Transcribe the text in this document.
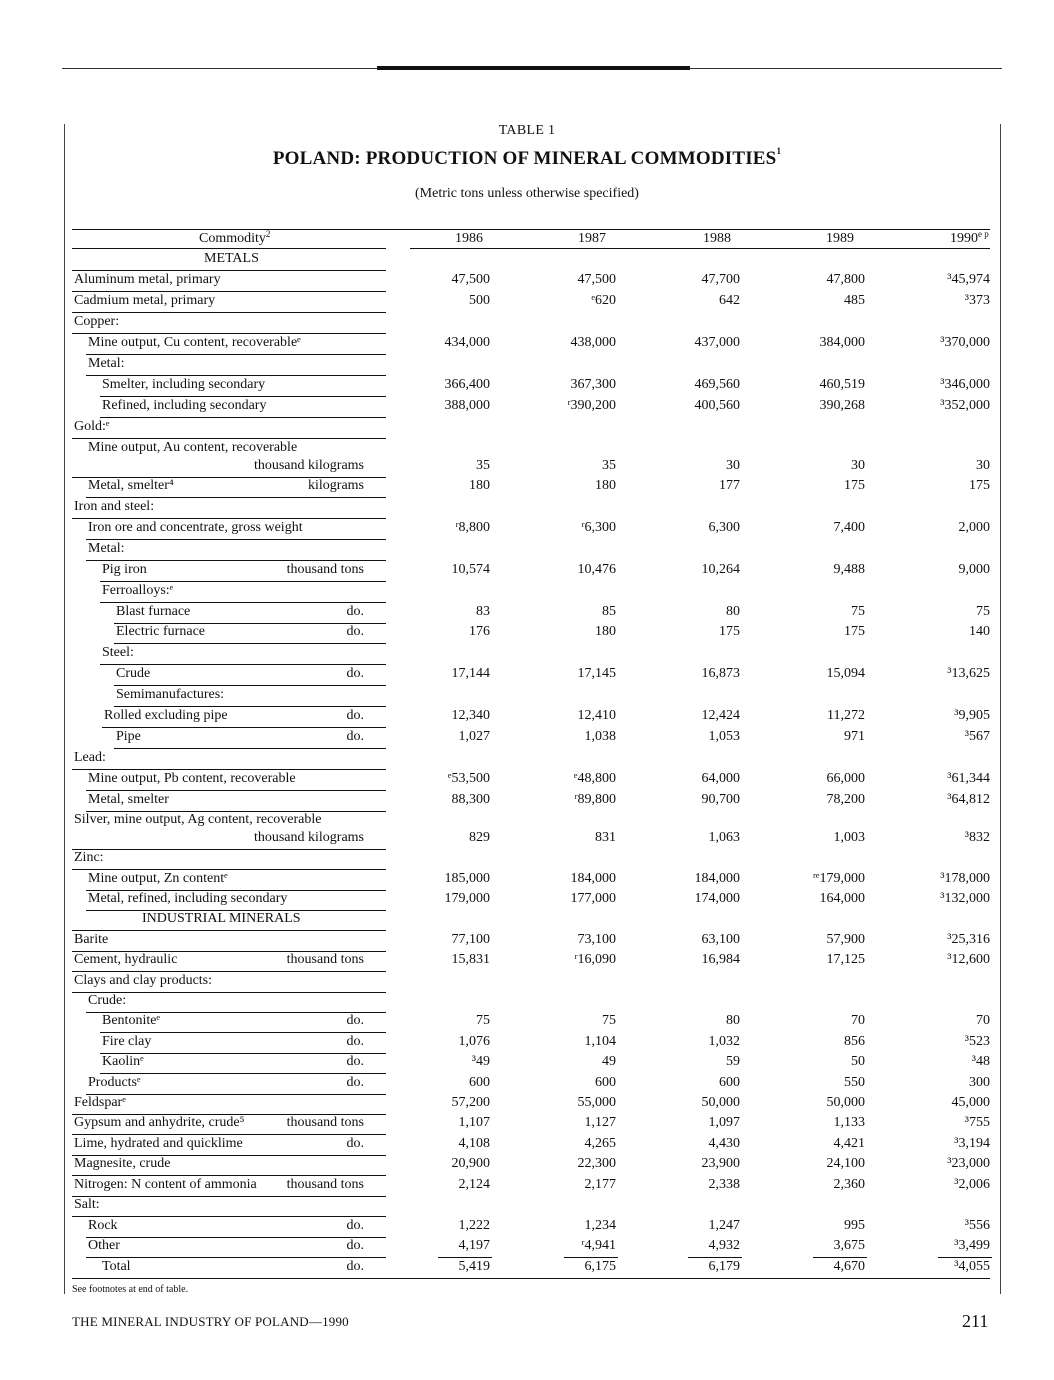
TABLE 1
POLAND: PRODUCTION OF MINERAL COMMODITIES$^1$
(Metric tons unless otherwise specified)
Commodity$^2$	1986	1987	1988	1989	$1990^{e p}$
METALS
Aluminum metal, primary	47,500	47,500	47,700	47,800	³45,974
Cadmium metal, primary	500	ᵉ620	642	485	³373
Copper:
Mine output, Cu content, recoverableᵉ	434,000	438,000	437,000	384,000	³370,000
Metal:
Smelter, including secondary	366,400	367,300	469,560	460,519	³346,000
Refined, including secondary	388,000	ʳ390,200	400,560	390,268	³352,000
Gold:ᵉ
Mine output, Au content, recoverable
thousand kilograms	35	35	30	30	30
Metal, smelter⁴	kilograms	180	180	177	175	175
Iron and steel:
Iron ore and concentrate, gross weight	ʳ8,800	ʳ6,300	6,300	7,400	2,000
Metal:
Pig iron	thousand tons	10,574	10,476	10,264	9,488	9,000
Ferroalloys:ᵉ
Blast furnace	do.	83	85	80	75	75
Electric furnace	do.	176	180	175	175	140
Steel:
Crude	do.	17,144	17,145	16,873	15,094	³13,625
Semimanufactures:
Rolled excluding pipe	do.	12,340	12,410	12,424	11,272	³9,905
Pipe	do.	1,027	1,038	1,053	971	³567
Lead:
Mine output, Pb content, recoverable	ᵉ53,500	ᵉ48,800	64,000	66,000	³61,344
Metal, smelter	88,300	ʳ89,800	90,700	78,200	³64,812
Silver, mine output, Ag content, recoverable
thousand kilograms	829	831	1,063	1,003	³832
Zinc:
Mine output, Zn contentᵉ	185,000	184,000	184,000	ʳᵉ179,000	³178,000
Metal, refined, including secondary	179,000	177,000	174,000	164,000	³132,000
INDUSTRIAL MINERALS
Barite	77,100	73,100	63,100	57,900	³25,316
Cement, hydraulic	thousand tons	15,831	ʳ16,090	16,984	17,125	³12,600
Clays and clay products:
Crude:
Bentoniteᵉ	do.	75	75	80	70	70
Fire clay	do.	1,076	1,104	1,032	856	³523
Kaolinᵉ	do.	³49	49	59	50	³48
Productsᵉ	do.	600	600	600	550	300
Feldsparᵉ	57,200	55,000	50,000	50,000	45,000
Gypsum and anhydrite, crude⁵	thousand tons	1,107	1,127	1,097	1,133	³755
Lime, hydrated and quicklime	do.	4,108	4,265	4,430	4,421	³3,194
Magnesite, crude	20,900	22,300	23,900	24,100	³23,000
Nitrogen: N content of ammonia thousand tons	2,124	2,177	2,338	2,360	³2,006
Salt:
Rock	do.	1,222	1,234	1,247	995	³556
Other	do.	4,197	ʳ4,941	4,932	3,675	³3,499
Total	do.	5,419	6,175	6,179	4,670	³4,055
See footnotes at end of table.
THE MINERAL INDUSTRY OF POLAND—1990	211
